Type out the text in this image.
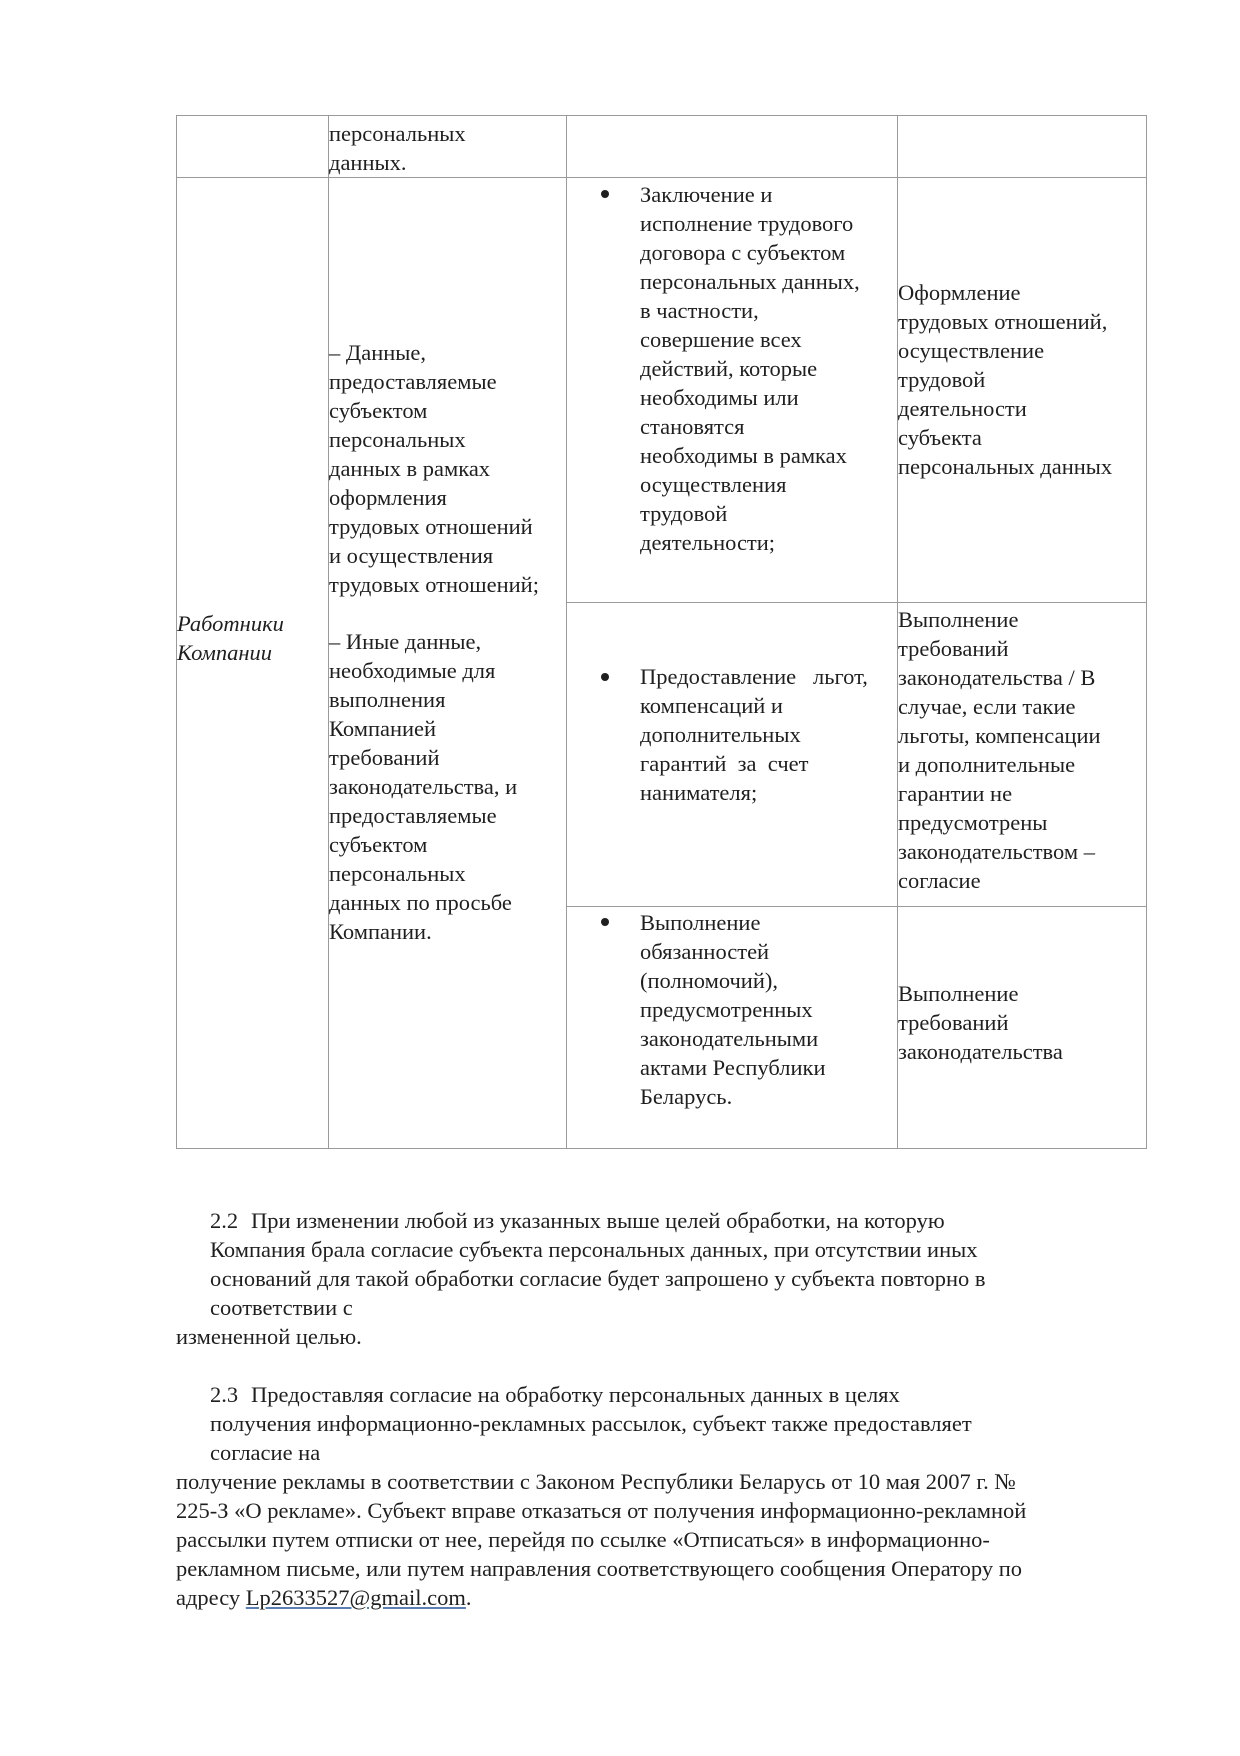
персональных
данных.
Работники
Компании
– Данные,
предоставляемые
субъектом
персональных
данных в рамках
оформления
трудовых отношений
и осуществления
трудовых отношений;
– Иные данные,
необходимые для
выполнения
Компанией
требований
законодательства, и
предоставляемые
субъектом
персональных
данных по просьбе
Компании.
Заключение и
исполнение трудового
договора с субъектом
персональных данных,
в частности,
совершение всех
действий, которые
необходимы или
становятся
необходимы в рамках
осуществления
трудовой
деятельности;
Оформление
трудовых отношений,
осуществление
трудовой
деятельности
субъекта
персональных данных
Предоставление   льгот,
компенсаций и
дополнительных
гарантий  за  счет
нанимателя;
Выполнение
требований
законодательства / В
случае, если такие
льготы, компенсации
и дополнительные
гарантии не
предусмотрены
законодательством –
согласие
Выполнение
обязанностей
(полномочий),
предусмотренных
законодательными
актами Республики
Беларусь.
Выполнение
требований
законодательства
2.2 При изменении любой из указанных выше целей обработки, на которую
Компания брала согласие субъекта персональных данных, при отсутствии иных
оснований для такой обработки согласие будет запрошено у субъекта повторно в
соответствии с
измененной целью.
2.3 Предоставляя согласие на обработку персональных данных в целях
получения информационно-рекламных рассылок, субъект также предоставляет
согласие на
получение рекламы в соответствии с Законом Республики Беларусь от 10 мая 2007 г. №
225-З «О рекламе». Субъект вправе отказаться от получения информационно-рекламной
рассылки путем отписки от нее, перейдя по ссылке «Отписаться» в информационно-
рекламном письме, или путем направления соответствующего сообщения Оператору по
адресу Lp2633527@gmail.com.
